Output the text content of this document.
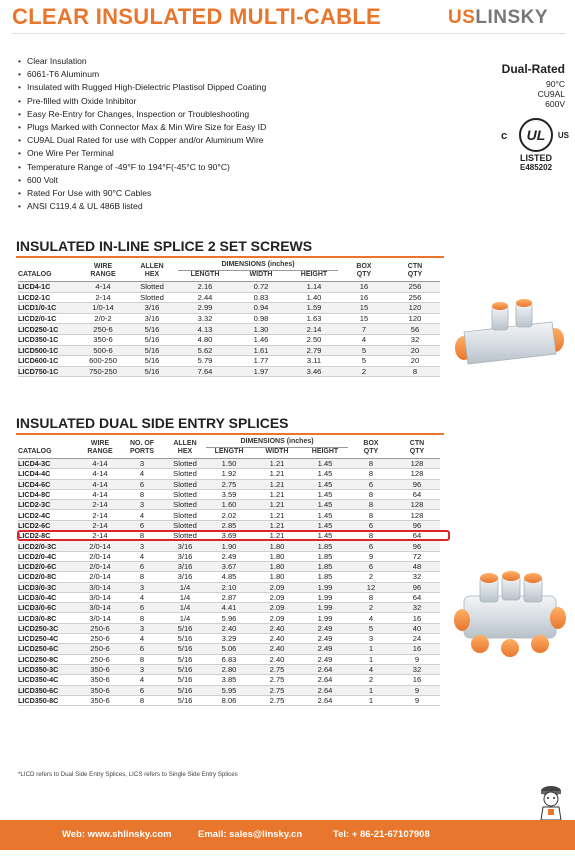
CLEAR INSULATED MULTI-CABLE	USLINSKY
• Clear Insulation
• 6061-T6 Aluminum
• Insulated with Rugged High-Dielectric Plastisol Dipped Coating
• Pre-filled with Oxide Inhibitor
• Easy Re-Entry for Changes, Inspection or Troubleshooting
• Plugs Marked with Connector Max & Min Wire Size for Easy ID
• CU9AL Dual Rated for use with Copper and/or Aluminum Wire
• One Wire Per Terminal
• Temperature Range of -49°F to 194°F(-45°C to 90°C)
• 600 Volt
• Rated For Use with 90°C Cables
• ANSI C119.4 & UL 486B listed
Dual-Rated
90°C
CU9AL
600V
c	UL	US
LISTED
E485202
INSULATED IN-LINE SPLICE 2 SET SCREWS
CATALOG	WIRE
RANGE	ALLEN
HEX	DIMENSIONS (inches)			BOX
QTY	CTN
QTY
			LENGTH	WIDTH	HEIGHT		
LICD4-1C	4-14	Slotted	2.16	0.72	1.14	16	256
LICD2-1C	2-14	Slotted	2.44	0.83	1.40	16	256
LICD1/0-1C	1/0-14	3/16	2.99	0.94	1.59	15	120
LICD2/0-1C	2/0-2	3/16	3.32	0.98	1.63	15	120
LICD250-1C	250-6	5/16	4.13	1.30	2.14	7	56
LICD350-1C	350-6	5/16	4.80	1.46	2.50	4	32
LICD500-1C	500-6	5/16	5.62	1.61	2.79	5	20
LICD600-1C	600-250	5/16	5.79	1.77	3.11	5	20
LICD750-1C	750-250	5/16	7.64	1.97	3.46	2	8
INSULATED DUAL SIDE ENTRY SPLICES
CATALOG	WIRE
RANGE	NO. OF
PORTS	ALLEN
HEX	DIMENSIONS (inches)			BOX
QTY	CTN
QTY
				LENGTH	WIDTH	HEIGHT		
LICD4-3C	4-14	3	Slotted	1.50	1.21	1.45	8	128
LICD4-4C	4-14	4	Slotted	1.92	1.21	1.45	8	128
LICD4-6C	4-14	6	Slotted	2.75	1.21	1.45	6	96
LICD4-8C	4-14	8	Slotted	3.59	1.21	1.45	8	64
LICD2-3C	2-14	3	Slotted	1.60	1.21	1.45	8	128
LICD2-4C	2-14	4	Slotted	2.02	1.21	1.45	8	128
LICD2-6C	2-14	6	Slotted	2.85	1.21	1.45	6	96
LICD2-8C	2-14	8	Slotted	3.69	1.21	1.45	8	64
LICD2/0-3C	2/0-14	3	3/16	1.90	1.80	1.85	6	96
LICD2/0-4C	2/0-14	4	3/16	2.49	1.80	1.85	9	72
LICD2/0-6C	2/0-14	6	3/16	3.67	1.80	1.85	6	48
LICD2/0-8C	2/0-14	8	3/16	4.85	1.80	1.85	2	32
LICD3/0-3C	3/0-14	3	1/4	2.10	2.09	1.99	12	96
LICD3/0-4C	3/0-14	4	1/4	2.87	2.09	1.99	8	64
LICD3/0-6C	3/0-14	6	1/4	4.41	2.09	1.99	2	32
LICD3/0-8C	3/0-14	8	1/4	5.96	2.09	1.99	4	16
LICD250-3C	250-6	3	5/16	2.40	2.40	2.49	5	40
LICD250-4C	250-6	4	5/16	3.29	2.40	2.49	3	24
LICD250-6C	250-6	6	5/16	5.06	2.40	2.49	1	16
LICD250-8C	250-6	8	5/16	6.83	2.40	2.49	1	9
LICD350-3C	350-6	3	5/16	2.80	2.75	2.64	4	32
LICD350-4C	350-6	4	5/16	3.85	2.75	2.64	2	16
LICD350-6C	350-6	6	5/16	5.95	2.75	2.64	1	9
LICD350-8C	350-6	8	5/16	8.06	2.75	2.64	1	9
*LICD refers to Dual Side Entry Splices, LICS refers to Single Side Entry Splices
Web: www.shlinsky.com	Email: sales@linsky.cn	Tel: + 86-21-67107908
